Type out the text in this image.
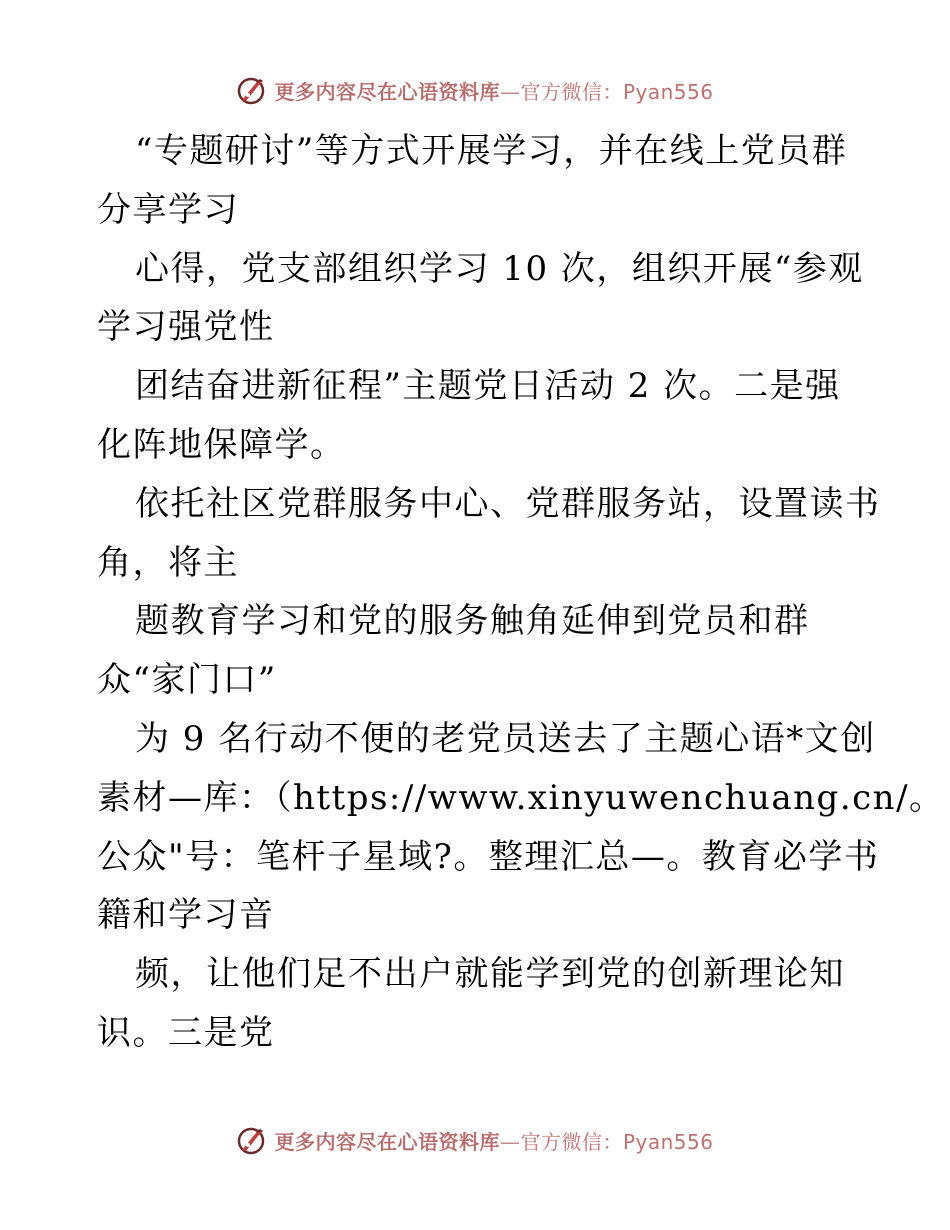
更多内容尽在心语资料库—官方微信：Pyan556
“专题研讨”等方式开展学习，并在线上党员群
分享学习
心得，党支部组织学习 10 次，组织开展“参观
学习强党性
团结奋进新征程”主题党日活动 2 次。二是强
化阵地保障学。
依托社区党群服务中心、党群服务站，设置读书
角，将主
题教育学习和党的服务触角延伸到党员和群
众“家门口”
为 9 名行动不便的老党员送去了主题心语*文创
素材—库：（https://www.xinyuwenchuang.cn/。
公众"号：笔杆子星域?。整理汇总—。教育必学书
籍和学习音
频，让他们足不出户就能学到党的创新理论知
识。三是党
更多内容尽在心语资料库—官方微信：Pyan556
